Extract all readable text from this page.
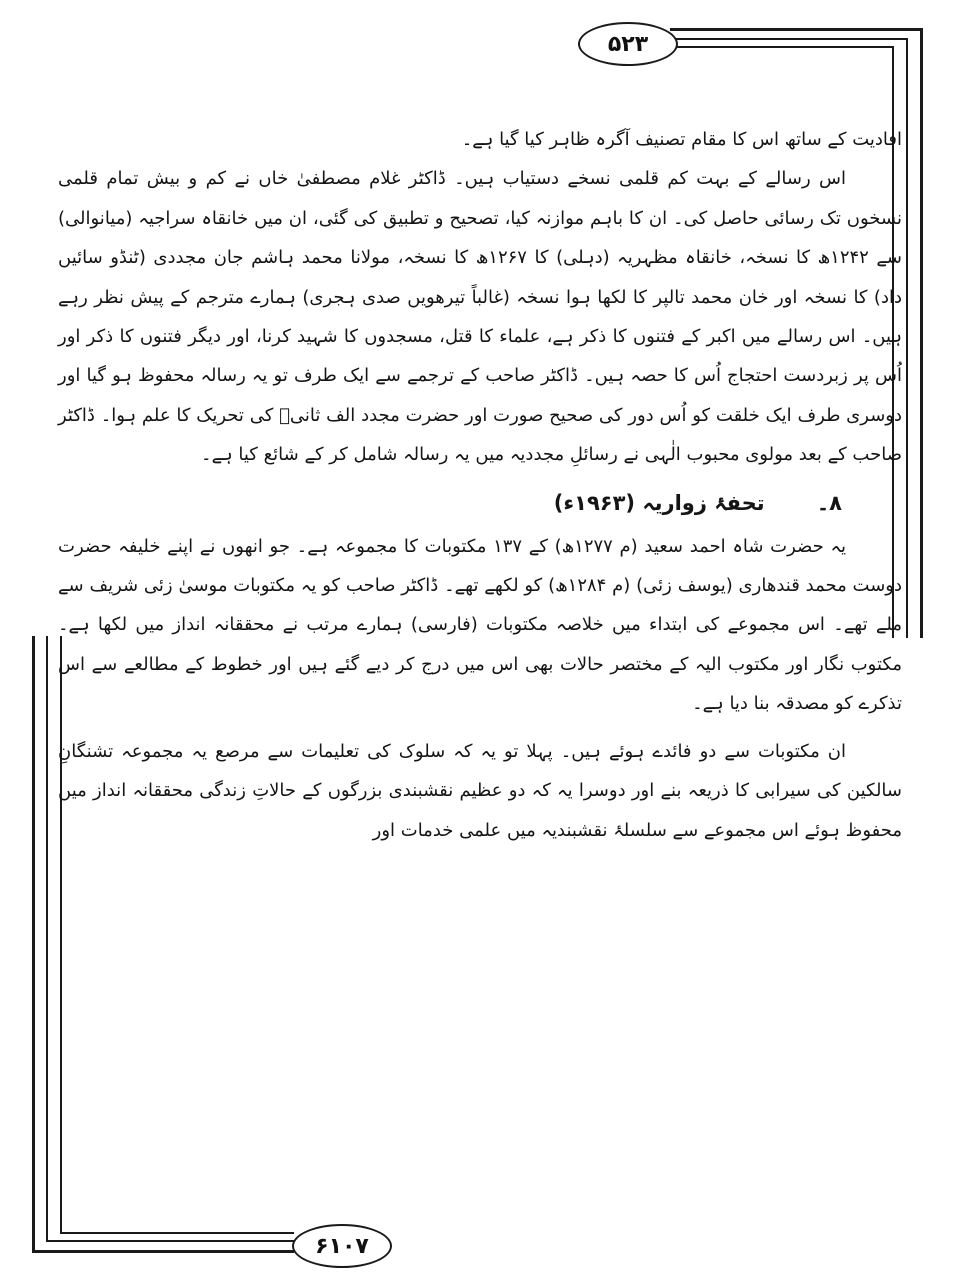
۵۲۳
۶۱۰۷

افادیت کے ساتھ اس کا مقام تصنیف آگرہ ظاہر کیا گیا ہے۔

اس رسالے کے بہت کم قلمی نسخے دستیاب ہیں۔ ڈاکٹر غلام مصطفیٰ خاں نے کم و بیش تمام قلمی نسخوں تک رسائی حاصل کی۔ ان کا باہم موازنہ کیا، تصحیح و تطبیق کی گئی، ان میں خانقاہ سراجیہ (میانوالی) سے ۱۲۴۲ھ کا نسخہ، خانقاہ مظہریہ (دہلی) کا ۱۲۶۷ھ کا نسخہ، مولانا محمد ہاشم جان مجددی (ٹنڈو سائیں داد) کا نسخہ اور خان محمد تالپر کا لکھا ہوا نسخہ (غالباً تیرھویں صدی ہجری) ہمارے مترجم کے پیش نظر رہے ہیں۔ اس رسالے میں اکبر کے فتنوں کا ذکر ہے، علماء کا قتل، مسجدوں کا شہید کرنا، اور دیگر فتنوں کا ذکر اور اُس پر زبردست احتجاج اُس کا حصہ ہیں۔ ڈاکٹر صاحب کے ترجمے سے ایک طرف تو یہ رسالہ محفوظ ہو گیا اور دوسری طرف ایک خلقت کو اُس دور کی صحیح صورت اور حضرت مجدد الف ثانیؒ کی تحریک کا علم ہوا۔ ڈاکٹر صاحب کے بعد مولوی محبوب الٰہی نے رسائلِ مجددیہ میں یہ رسالہ شامل کر کے شائع کیا ہے۔

۸۔ تحفۂ زواریہ (۱۹۶۳ء)

یہ حضرت شاہ احمد سعید (م ۱۲۷۷ھ) کے ۱۳۷ مکتوبات کا مجموعہ ہے۔ جو انھوں نے اپنے خلیفہ حضرت دوست محمد قندھاری (یوسف زئی) (م ۱۲۸۴ھ) کو لکھے تھے۔ ڈاکٹر صاحب کو یہ مکتوبات موسیٰ زئی شریف سے ملے تھے۔ اس مجموعے کی ابتداء میں خلاصہ مکتوبات (فارسی) ہمارے مرتب نے محققانہ انداز میں لکھا ہے۔ مکتوب نگار اور مکتوب الیہ کے مختصر حالات بھی اس میں درج کر دیے گئے ہیں اور خطوط کے مطالعے سے اس تذکرے کو مصدقہ بنا دیا ہے۔

ان مکتوبات سے دو فائدے ہوئے ہیں۔ پہلا تو یہ کہ سلوک کی تعلیمات سے مرصع یہ مجموعہ تشنگانِ سالکین کی سیرابی کا ذریعہ بنے اور دوسرا یہ کہ دو عظیم نقشبندی بزرگوں کے حالاتِ زندگی محققانہ انداز میں محفوظ ہوئے اس مجموعے سے سلسلۂ نقشبندیہ میں علمی خدمات اور
